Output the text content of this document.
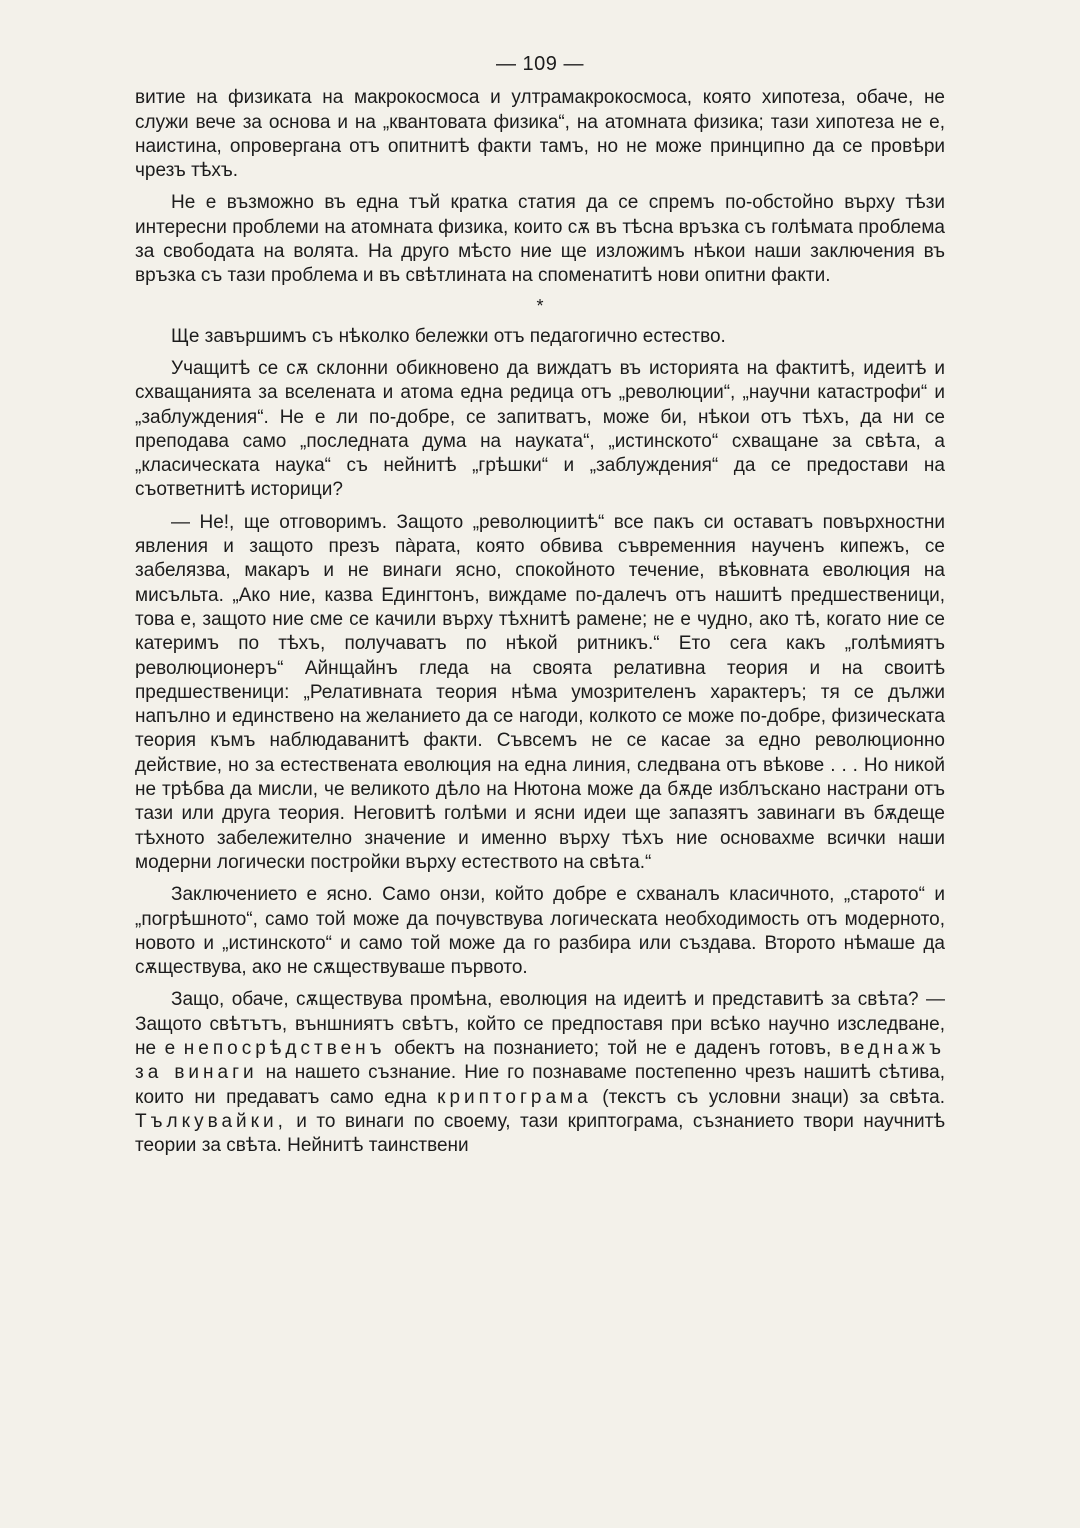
— 109 —

витие на физиката на макрокосмоса и ултрамакрокосмоса, която хипотеза, обаче, не служи вече за основа и на „квантовата физика“, на атомната физика; тази хипотеза не е, наистина, опровергана отъ опитнитѣ факти тамъ, но не може принципно да се провѣри чрезъ тѣхъ.

Не е възможно въ една тъй кратка статия да се спремъ по-обстойно върху тѣзи интересни проблеми на атомната физика, които сѫ въ тѣсна връзка съ голѣмата проблема за свободата на волята. На друго мѣсто ние ще изложимъ нѣкои наши заключения въ връзка съ тази проблема и въ свѣтлината на споменатитѣ нови опитни факти.

*

Ще завършимъ съ нѣколко бележки отъ педагогично естество.

Учащитѣ се сѫ склонни обикновено да виждатъ въ историята на фактитѣ, идеитѣ и схващанията за вселената и атома една редица отъ „революции“, „научни катастрофи“ и „заблуждения“. Не е ли по-добре, се запитватъ, може би, нѣкои отъ тѣхъ, да ни се преподава само „последната дума на науката“, „истинското“ схващане за свѣта, а „класическата наука“ съ нейнитѣ „грѣшки“ и „заблуждения“ да се предостави на съответнитѣ историци?

— Не!, ще отговоримъ. Защото „революциитѣ“ все пакъ си оставатъ повърхностни явления и защото презъ пàрата, която обвива съвременния наученъ кипежъ, се забелязва, макаръ и не винаги ясно, спокойното течение, вѣковната еволюция на мисъльта. „Ако ние, казва Едингтонъ, виждаме по-далечъ отъ нашитѣ предшественици, това е, защото ние сме се качили върху тѣхнитѣ рамене; не е чудно, ако тѣ, когато ние се катеримъ по тѣхъ, получаватъ по нѣкой ритникъ.“ Ето сега какъ „голѣмиятъ революционеръ“ Айнщайнъ гледа на своята релативна теория и на своитѣ предшественици: „Релативната теория нѣма умозрителенъ характеръ; тя се дължи напълно и единствено на желанието да се нагоди, колкото се може по-добре, физическата теория къмъ наблюдаванитѣ факти. Съвсемъ не се касае за едно революционно действие, но за естествената еволюция на една линия, следвана отъ вѣкове . . . Но никой не трѣбва да мисли, че великото дѣло на Нютона може да бѫде изблъскано настрани отъ тази или друга теория. Неговитѣ голѣми и ясни идеи ще запазятъ завинаги въ бѫдеще тѣхното забележително значение и именно върху тѣхъ ние основахме всички наши модерни логически постройки върху естеството на свѣта.“

Заключението е ясно. Само онзи, който добре е схваналъ класичното, „старото“ и „погрѣшното“, само той може да почувствува логическата необходимость отъ модерното, новото и „истинското“ и само той може да го разбира или създава. Второто нѣмаше да сѫществува, ако не сѫществуваше първото.

Защо, обаче, сѫществува промѣна, еволюция на идеитѣ и представитѣ за свѣта? — Защото свѣтътъ, външниятъ свѣтъ, който се предпоставя при всѣко научно изследване, не е непосрѣдственъ обектъ на познанието; той не е даденъ готовъ, веднажъ за винаги на нашето съзнание. Ние го познаваме постепенно чрезъ нашитѣ сѣтива, които ни предаватъ само една криптограма (текстъ съ условни знаци) за свѣта. Тълкувайки, и то винаги по своему, тази криптограма, съзнанието твори научнитѣ теории за свѣта. Нейнитѣ таинствени
